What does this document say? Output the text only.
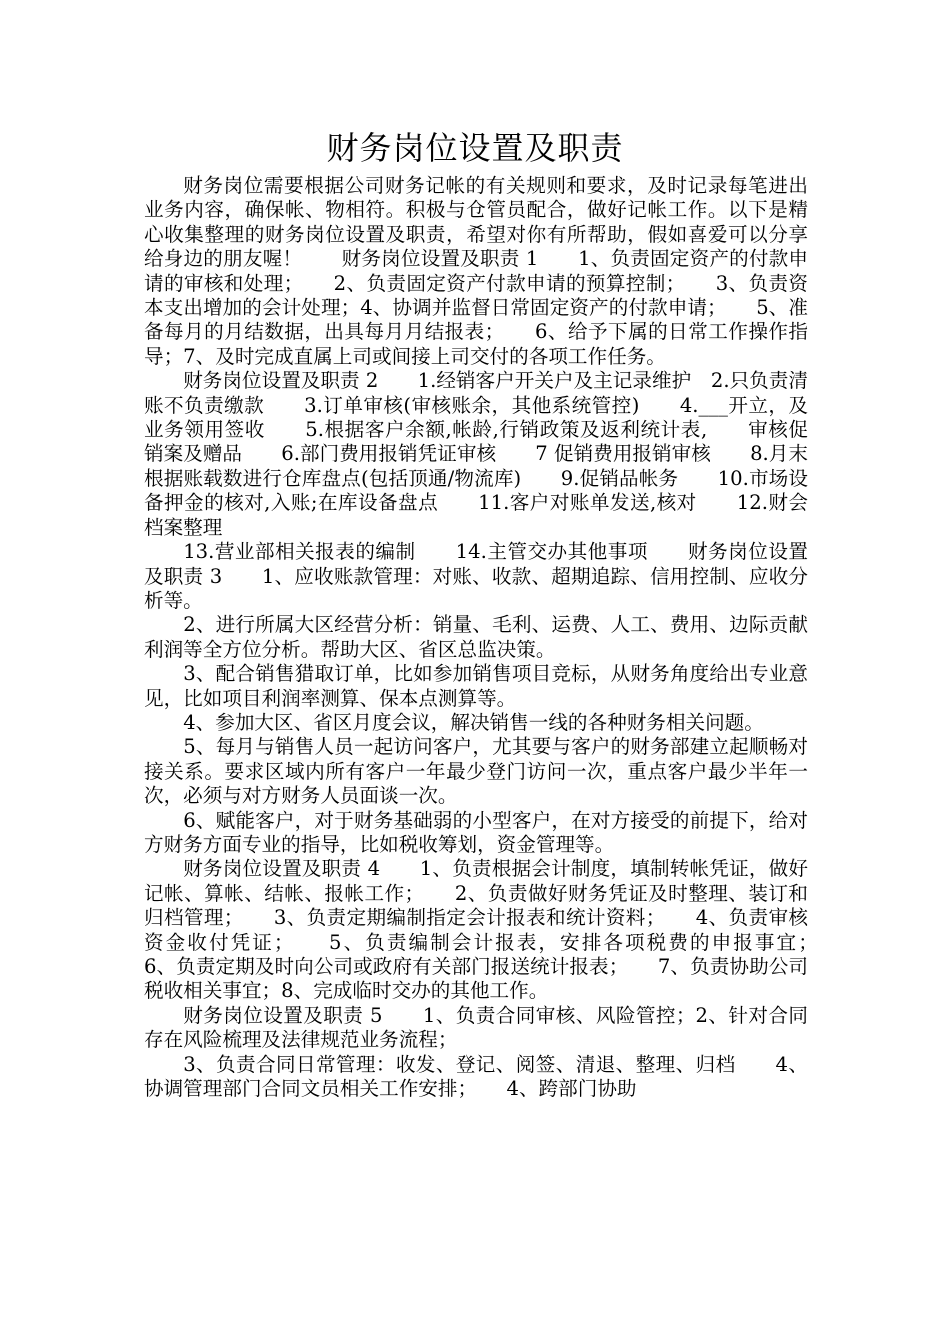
财务岗位设置及职责

财务岗位需要根据公司财务记帐的有关规则和要求，及时记录每笔进出业务内容，确保帐、物相符。积极与仓管员配合，做好记帐工作。以下是精心收集整理的财务岗位设置及职责，希望对你有所帮助，假如喜爱可以分享给身边的朋友喔！　　财务岗位设置及职责 1　　1、负责固定资产的付款申请的审核和处理；　　2、负责固定资产付款申请的预算控制；　　3、负责资本支出增加的会计处理；4、协调并监督日常固定资产的付款申请；　　5、准备每月的月结数据，出具每月月结报表；　　6、给予下属的日常工作操作指导；7、及时完成直属上司或间接上司交付的各项工作任务。

财务岗位设置及职责 2　　1.经销客户开关户及主记录维护　2.只负责清账不负责缴款　　3.订单审核(审核账余，其他系统管控)　　4.___开立，及业务领用签收　　5.根据客户余额,帐龄,行销政策及返利统计表,　　审核促销案及赠品　　6.部门费用报销凭证审核　　7 促销费用报销审核　　8.月末根据账载数进行仓库盘点(包括顶通/物流库)　　9.促销品帐务　　10.市场设备押金的核对,入账;在库设备盘点　　11.客户对账单发送,核对　　12.财会档案整理

13.营业部相关报表的编制　　14.主管交办其他事项　　财务岗位设置及职责 3　　1、应收账款管理：对账、收款、超期追踪、信用控制、应收分析等。

2、进行所属大区经营分析：销量、毛利、运费、人工、费用、边际贡献利润等全方位分析。帮助大区、省区总监决策。

3、配合销售猎取订单，比如参加销售项目竞标，从财务角度给出专业意见，比如项目利润率测算、保本点测算等。

4、参加大区、省区月度会议，解决销售一线的各种财务相关问题。

5、每月与销售人员一起访问客户，尤其要与客户的财务部建立起顺畅对接关系。要求区域内所有客户一年最少登门访问一次，重点客户最少半年一次，必须与对方财务人员面谈一次。

6、赋能客户，对于财务基础弱的小型客户，在对方接受的前提下，给对方财务方面专业的指导，比如税收筹划，资金管理等。

财务岗位设置及职责 4　　1、负责根据会计制度，填制转帐凭证，做好记帐、算帐、结帐、报帐工作；　　2、负责做好财务凭证及时整理、装订和归档管理；　　3、负责定期编制指定会计报表和统计资料；　　4、负责审核资金收付凭证；　　5、负责编制会计报表，安排各项税费的申报事宜；　　6、负责定期及时向公司或政府有关部门报送统计报表；　　7、负责协助公司税收相关事宜；8、完成临时交办的其他工作。

财务岗位设置及职责 5　　1、负责合同审核、风险管控；2、针对合同存在风险梳理及法律规范业务流程；

3、负责合同日常管理：收发、登记、阅签、清退、整理、归档　　4、协调管理部门合同文员相关工作安排；　　4、跨部门协助
